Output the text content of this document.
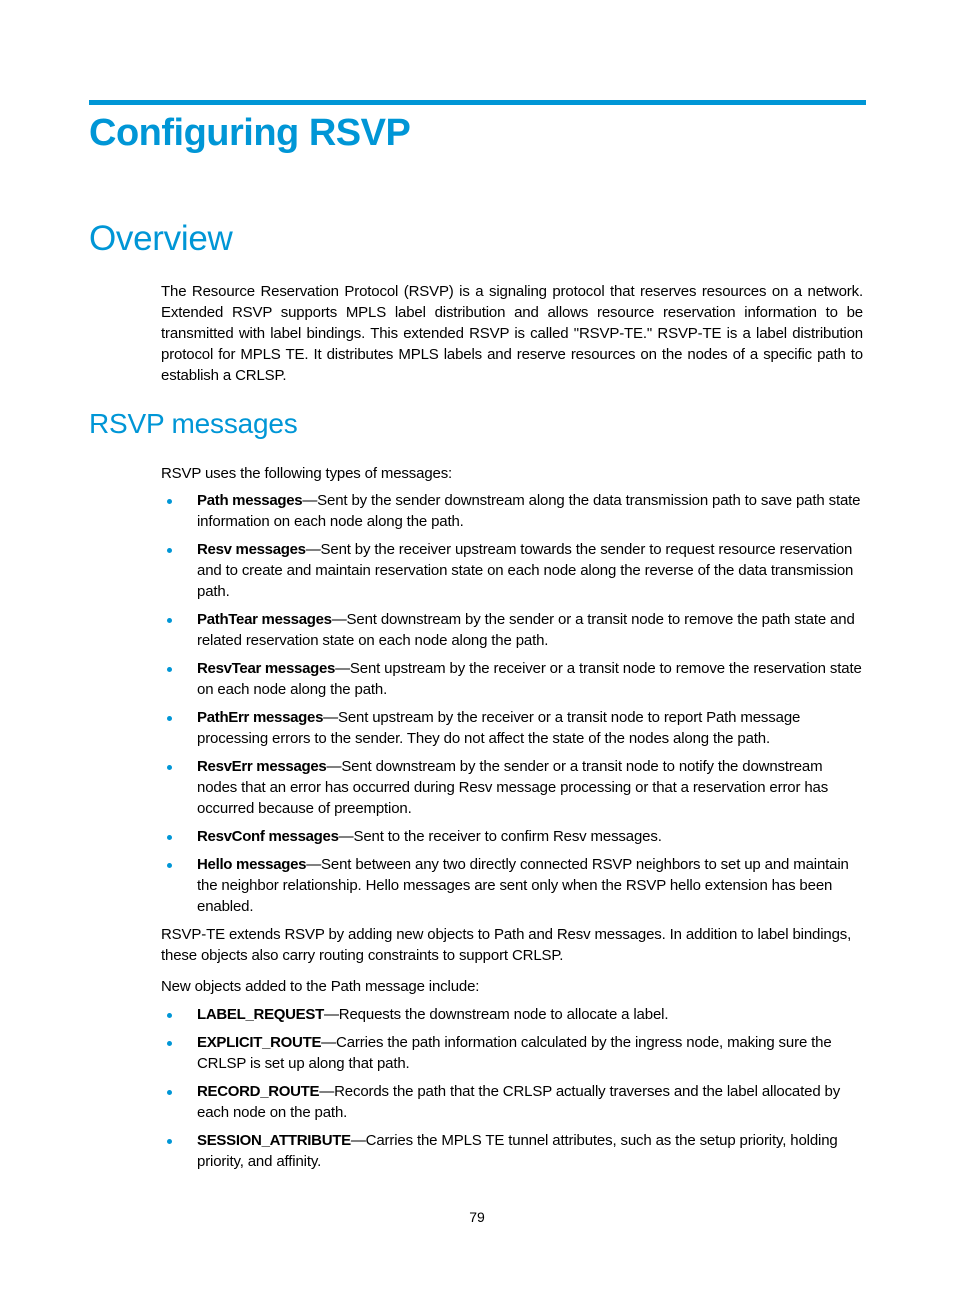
Configuring RSVP
Overview

The Resource Reservation Protocol (RSVP) is a signaling protocol that reserves resources on a network. Extended RSVP supports MPLS label distribution and allows resource reservation information to be transmitted with label bindings. This extended RSVP is called "RSVP-TE." RSVP-TE is a label distribution protocol for MPLS TE. It distributes MPLS labels and reserve resources on the nodes of a specific path to establish a CRLSP.

RSVP messages

RSVP uses the following types of messages:

Path messages—Sent by the sender downstream along the data transmission path to save path state information on each node along the path.
Resv messages—Sent by the receiver upstream towards the sender to request resource reservation and to create and maintain reservation state on each node along the reverse of the data transmission path.
PathTear messages—Sent downstream by the sender or a transit node to remove the path state and related reservation state on each node along the path.
ResvTear messages—Sent upstream by the receiver or a transit node to remove the reservation state on each node along the path.
PathErr messages—Sent upstream by the receiver or a transit node to report Path message processing errors to the sender. They do not affect the state of the nodes along the path.
ResvErr messages—Sent downstream by the sender or a transit node to notify the downstream nodes that an error has occurred during Resv message processing or that a reservation error has occurred because of preemption.
ResvConf messages—Sent to the receiver to confirm Resv messages.
Hello messages—Sent between any two directly connected RSVP neighbors to set up and maintain the neighbor relationship. Hello messages are sent only when the RSVP hello extension has been enabled.

RSVP-TE extends RSVP by adding new objects to Path and Resv messages. In addition to label bindings, these objects also carry routing constraints to support CRLSP.

New objects added to the Path message include:

LABEL_REQUEST—Requests the downstream node to allocate a label.
EXPLICIT_ROUTE—Carries the path information calculated by the ingress node, making sure the CRLSP is set up along that path.
RECORD_ROUTE—Records the path that the CRLSP actually traverses and the label allocated by each node on the path.
SESSION_ATTRIBUTE—Carries the MPLS TE tunnel attributes, such as the setup priority, holding priority, and affinity.
79
